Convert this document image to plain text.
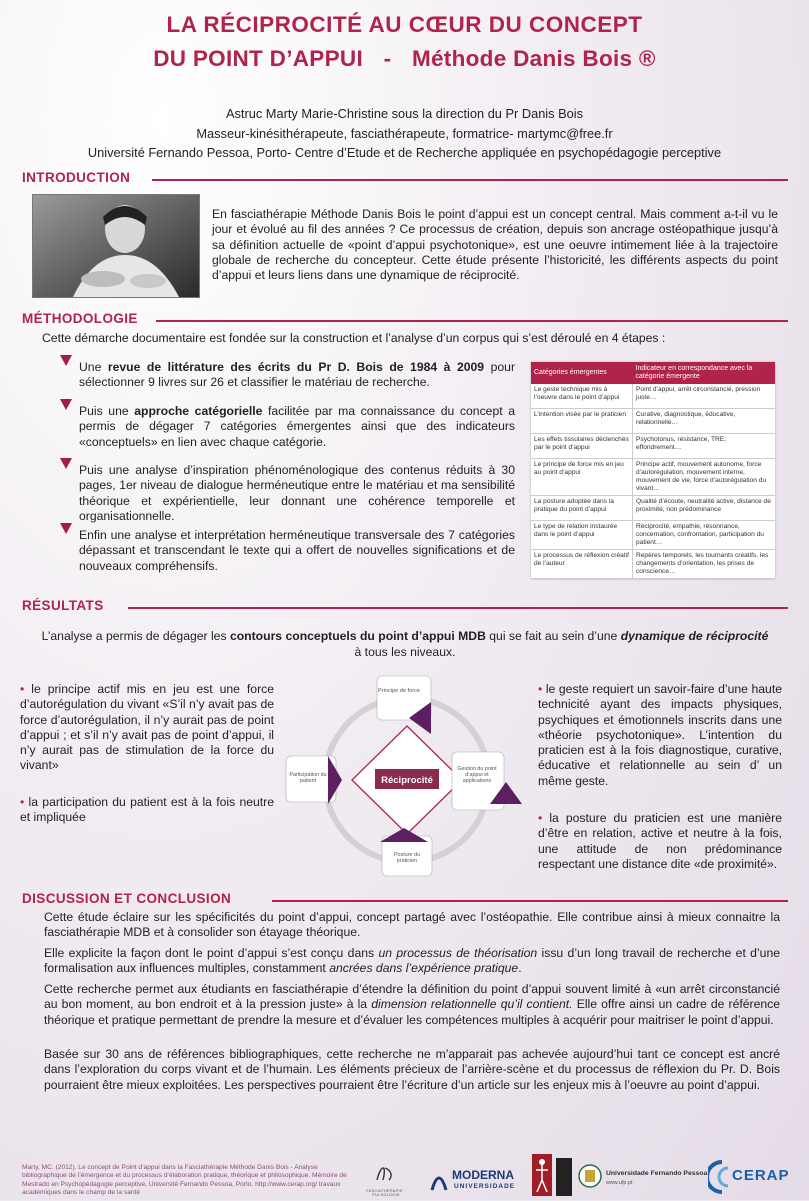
LA RÉCIPROCITÉ AU CŒUR DU CONCEPT
DU POINT D’APPUI - Méthode Danis Bois ®
Astruc Marty Marie-Christine sous la direction du Pr Danis Bois
Masseur-kinésithérapeute, fasciathérapeute, formatrice- martymc@free.fr
Université Fernando Pessoa, Porto- Centre d’Etude et de Recherche appliquée en psychopédagogie perceptive
INTRODUCTION
En fasciathérapie Méthode Danis Bois le point d’appui est un concept central. Mais comment a-t-il vu le jour et évolué au fil des années ? Ce processus de création, depuis son ancrage ostéopathique jusqu’à sa définition actuelle de «point d’appui psychotonique», est une oeuvre intimement liée à la trajectoire globale de recherche du concepteur. Cette étude présente l’historicité, les différents aspects du point d’appui et leurs liens dans une dynamique de réciprocité.
MÉTHODOLOGIE
Cette démarche documentaire est fondée sur la construction et l’analyse d’un corpus qui s’est déroulé en 4 étapes :
Une revue de littérature des écrits du Pr D. Bois de 1984 à 2009 pour sélectionner 9 livres sur 26 et classifier le matériau de recherche.
Puis une approche catégorielle facilitée par ma connaissance du concept a permis de dégager 7 catégories émergentes ainsi que des indicateurs «conceptuels» en lien avec chaque catégorie.
Puis une analyse d’inspiration phénoménologique des contenus réduits à 30 pages, 1er niveau de dialogue herméneutique entre le matériau et ma sensibilité théorique et expérientielle, leur donnant une cohérence temporelle et organisationnelle.
Enfin une analyse et interprétation herméneutique transversale des 7 catégories dépassant et transcendant le texte qui a offert de nouvelles significations et de nouveaux compréhensifs.
Catégories émergentes	Indicateur en correspondance avec la catégorie émergente
Le geste technique mis à l’oeuvre dans le point d’appui	Point d’appui, arrêt circonstancié, pression juste…
L’intention visée par le praticien	Curative, diagnostique, éducative, relationnelle…
Les effets tissulaires déclenchés par le point d’appui	Psychotonus, résistance, TRE, effondrement…
Le principe de force mis en jeu au point d’appui	Principe actif, mouvement autonome, force d’autorégulation, mouvement interne, mouvement de vie, force d’autorégulation du vivant…
La posture adoptée dans la pratique du point d’appui	Qualité d’écoute, neutralité active, distance de proximité, non prédominance
Le type de relation instaurée dans le point d’appui	Réciprocité, empathie, résonnance, concernation, confrontation, participation du patient…
Le processus de réflexion créatif de l’auteur	Repères temporels, les tournants créatifs, les changements d’orientation, les prises de conscience…
RÉSULTATS
L’analyse a permis de dégager les contours conceptuels du point d’appui MDB qui se fait au sein d’une dynamique de réciprocité
à tous les niveaux.
• le principe actif mis en jeu est une force d’autorégulation du vivant «S’il n’y avait pas de force d’autorégulation, il n’y aurait pas de point d’appui ; et s’il n’y avait pas de point d’appui, il n’y aurait pas de stimulation de la force du vivant»
• la participation du patient est à la fois neutre et impliquée
• le geste requiert un savoir-faire d’une haute technicité ayant des impacts physiques, psychiques et émotionnels inscrits dans une «théorie psychotonique». L’intention du praticien est à la fois diagnostique, curative, éducative et relationnelle au sein d’ un même geste.
• la posture du praticien est une manière d’être en relation, active et neutre à la fois, une attitude de non prédominance respectant une distance dite «de proximité».
Réciprocité
Principe de force
Gestion du point d’appui et applications
Posture du praticien
Participation du patient
DISCUSSION ET CONCLUSION
Cette étude éclaire sur les spécificités du point d’appui, concept partagé avec l’ostéopathie. Elle contribue ainsi à mieux connaitre la fasciathérapie MDB et à consolider son étayage théorique.
Elle explicite la façon dont le point d’appui s’est conçu dans un processus de théorisation issu d’un long travail de recherche et d’une formalisation aux influences multiples, constamment ancrées dans l’expérience pratique.
Cette recherche permet aux étudiants en fasciathérapie d’étendre la définition du point d’appui souvent limité à «un arrêt circonstancié au bon moment, au bon endroit et à la pression juste» à la dimension relationnelle qu’il contient. Elle offre ainsi un cadre de référence théorique et pratique permettant de prendre la mesure et d’évaluer les compétences multiples à acquérir pour maitriser le point d’appui.
Basée sur 30 ans de références bibliographiques, cette recherche ne m’apparait pas achevée aujourd’hui tant ce concept est ancré dans l’exploration du corps vivant et de l’humain. Les éléments précieux de l’arrière-scène et du processus de réflexion du Pr. D. Bois pourraient être mieux exploitées. Les perspectives pourraient être l’écriture d’un article sur les enjeux mis à l’oeuvre au point d’appui.
Marty, MC. (2012). Le concept de Point d’appui dans la Fasciathérapie Méthode Danis Bois - Analyse bibliographique de l’émergence et du processus d’élaboration pratique, théorique et philosophique. Mémoire de Mestrado en Psychopédagogie perceptive, Université Fernando Pessoa, Porto. http://www.cerap.org/ travaux académiques dans le champ de la santé	FASCIATHÉRAPIE · PULSOLOGIE
MODERNA
UNIVERSIDADE
Universidade Fernando Pessoa
www.ufp.pt	CERAP
